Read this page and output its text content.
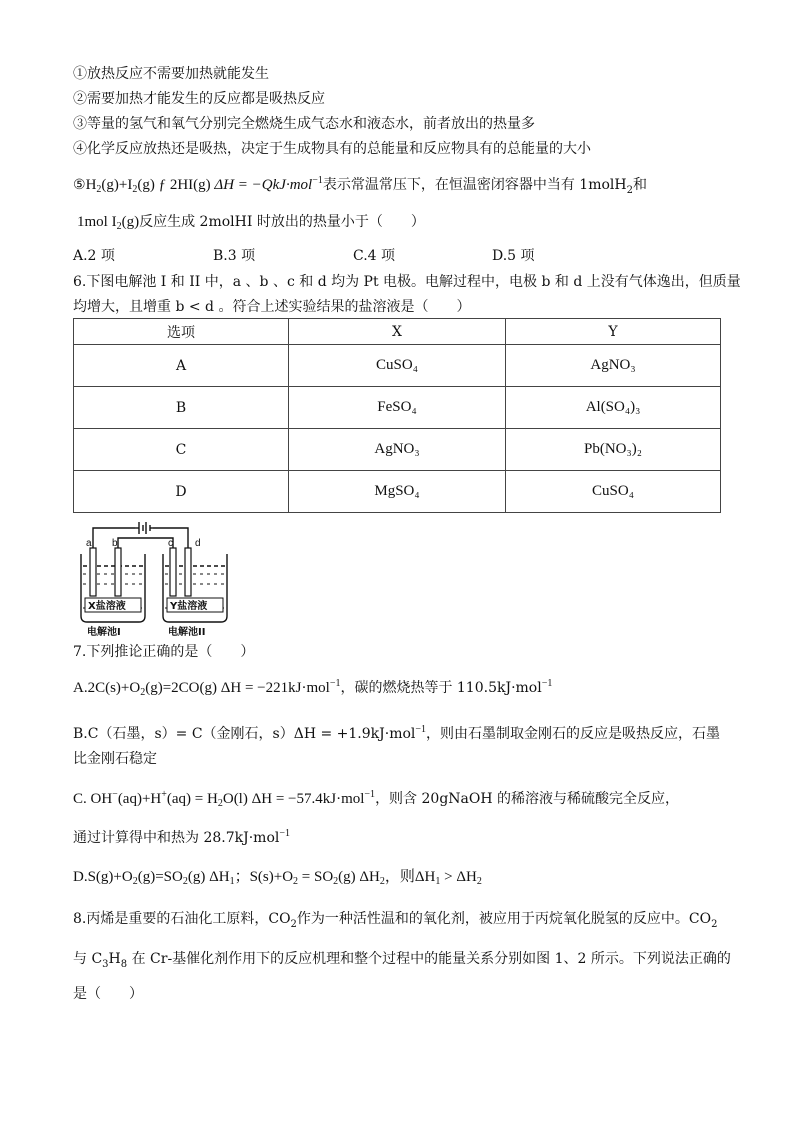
①放热反应不需要加热就能发生
②需要加热才能发生的反应都是吸热反应
③等量的氢气和氧气分别完全燃烧生成气态水和液态水，前者放出的热量多
④化学反应放热还是吸热，决定于生成物具有的总能量和反应物具有的总能量的大小
$⑤H_2(g)+I_2(g)$ ƒ 2HI(g) ΔH = −QkJ·mol$^{-1}$表示常温常压下，在恒温密闭容器中当有 1molH$_2$和
1mol $I_2(g)$反应生成 2molHI 时放出的热量小于（　　）
A.2 项	B.3 项	C.4 项	D.5 项
6.下图电解池 I 和 II 中，a 、b 、c 和 d 均为 Pt 电极。电解过程中，电极 b 和 d 上没有气体逸出，但质量
均增大，且增重 b < d 。符合上述实验结果的盐溶液是（　　）
选项	X	Y
A	CuSO₄	AgNO₃
B	FeSO₄	Al(SO₄)₃
C	AgNO₃	Pb(NO₃)₂
D	MgSO₄	CuSO₄
a b	c d
X盐溶液	Y盐溶液
电解池I	电解池II
7.下列推论正确的是（　　）
$A.2C(s)+O_2(g)=2CO(g) \Delta H = -221kJ\cdot mol^{-1}$，碳的燃烧热等于 110.5kJ·mol$^{-1}$
B.C（石墨，s）= C（金刚石，s）ΔH = +1.9kJ·mol$^{-1}$，则由石墨制取金刚石的反应是吸热反应，石墨
比金刚石稳定
C. $OH^-(aq)+H^+(aq) = H_2O(l) \Delta H = -57.4kJ\cdot mol^{-1}$，则含 20gNaOH 的稀溶液与稀硫酸完全反应，
通过计算得中和热为 28.7kJ·mol$^{-1}$
$D.S(g)+O_2(g)=SO_2(g)$ $\Delta H_1$；$S(s)+O_2 = SO_2(g)$ $\Delta H_2$，则$\Delta H_1 > \Delta H_2$
8.丙烯是重要的石油化工原料，$CO_2$作为一种活性温和的氧化剂，被应用于丙烷氧化脱氢的反应中。$CO_2$
与 $C_3H_8$ 在 Cr-基催化剂作用下的反应机理和整个过程中的能量关系分别如图 1、2 所示。下列说法正确的
是（　　）
